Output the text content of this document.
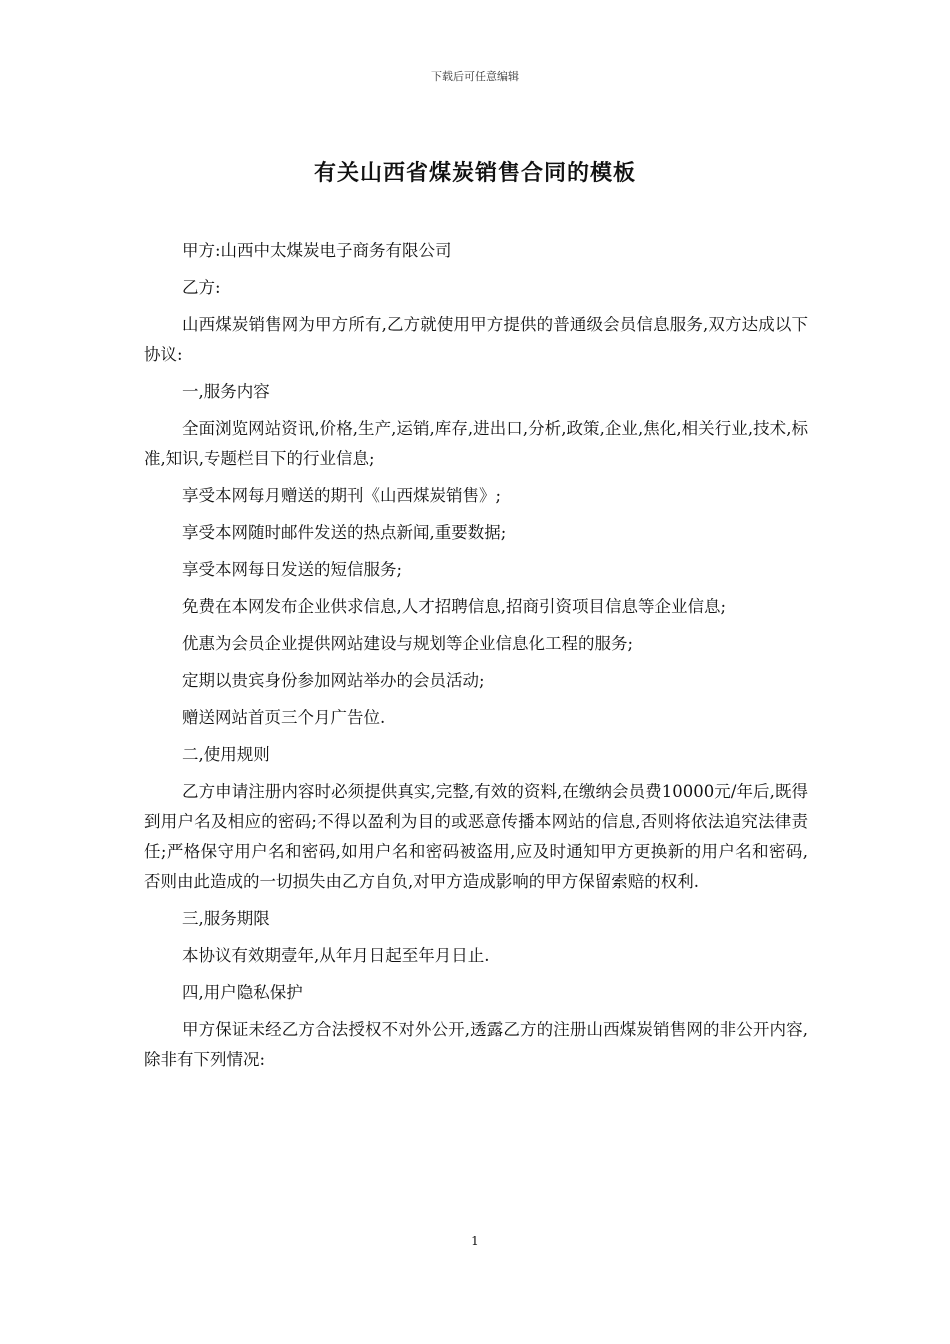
下载后可任意编辑
有关山西省煤炭销售合同的模板

甲方:山西中太煤炭电子商务有限公司

乙方:

山西煤炭销售网为甲方所有,乙方就使用甲方提供的普通级会员信息服务,双方达成以下协议:

一,服务内容

全面浏览网站资讯,价格,生产,运销,库存,进出口,分析,政策,企业,焦化,相关行业,技术,标准,知识,专题栏目下的行业信息;

享受本网每月赠送的期刊《山西煤炭销售》;

享受本网随时邮件发送的热点新闻,重要数据;

享受本网每日发送的短信服务;

免费在本网发布企业供求信息,人才招聘信息,招商引资项目信息等企业信息;

优惠为会员企业提供网站建设与规划等企业信息化工程的服务;

定期以贵宾身份参加网站举办的会员活动;

赠送网站首页三个月广告位.

二,使用规则

乙方申请注册内容时必须提供真实,完整,有效的资料,在缴纳会员费10000元/年后,既得到用户名及相应的密码;不得以盈利为目的或恶意传播本网站的信息,否则将依法追究法律责任;严格保守用户名和密码,如用户名和密码被盗用,应及时通知甲方更换新的用户名和密码,否则由此造成的一切损失由乙方自负,对甲方造成影响的甲方保留索赔的权利.

三,服务期限

本协议有效期壹年,从年月日起至年月日止.

四,用户隐私保护

甲方保证未经乙方合法授权不对外公开,透露乙方的注册山西煤炭销售网的非公开内容,除非有下列情况:

1
